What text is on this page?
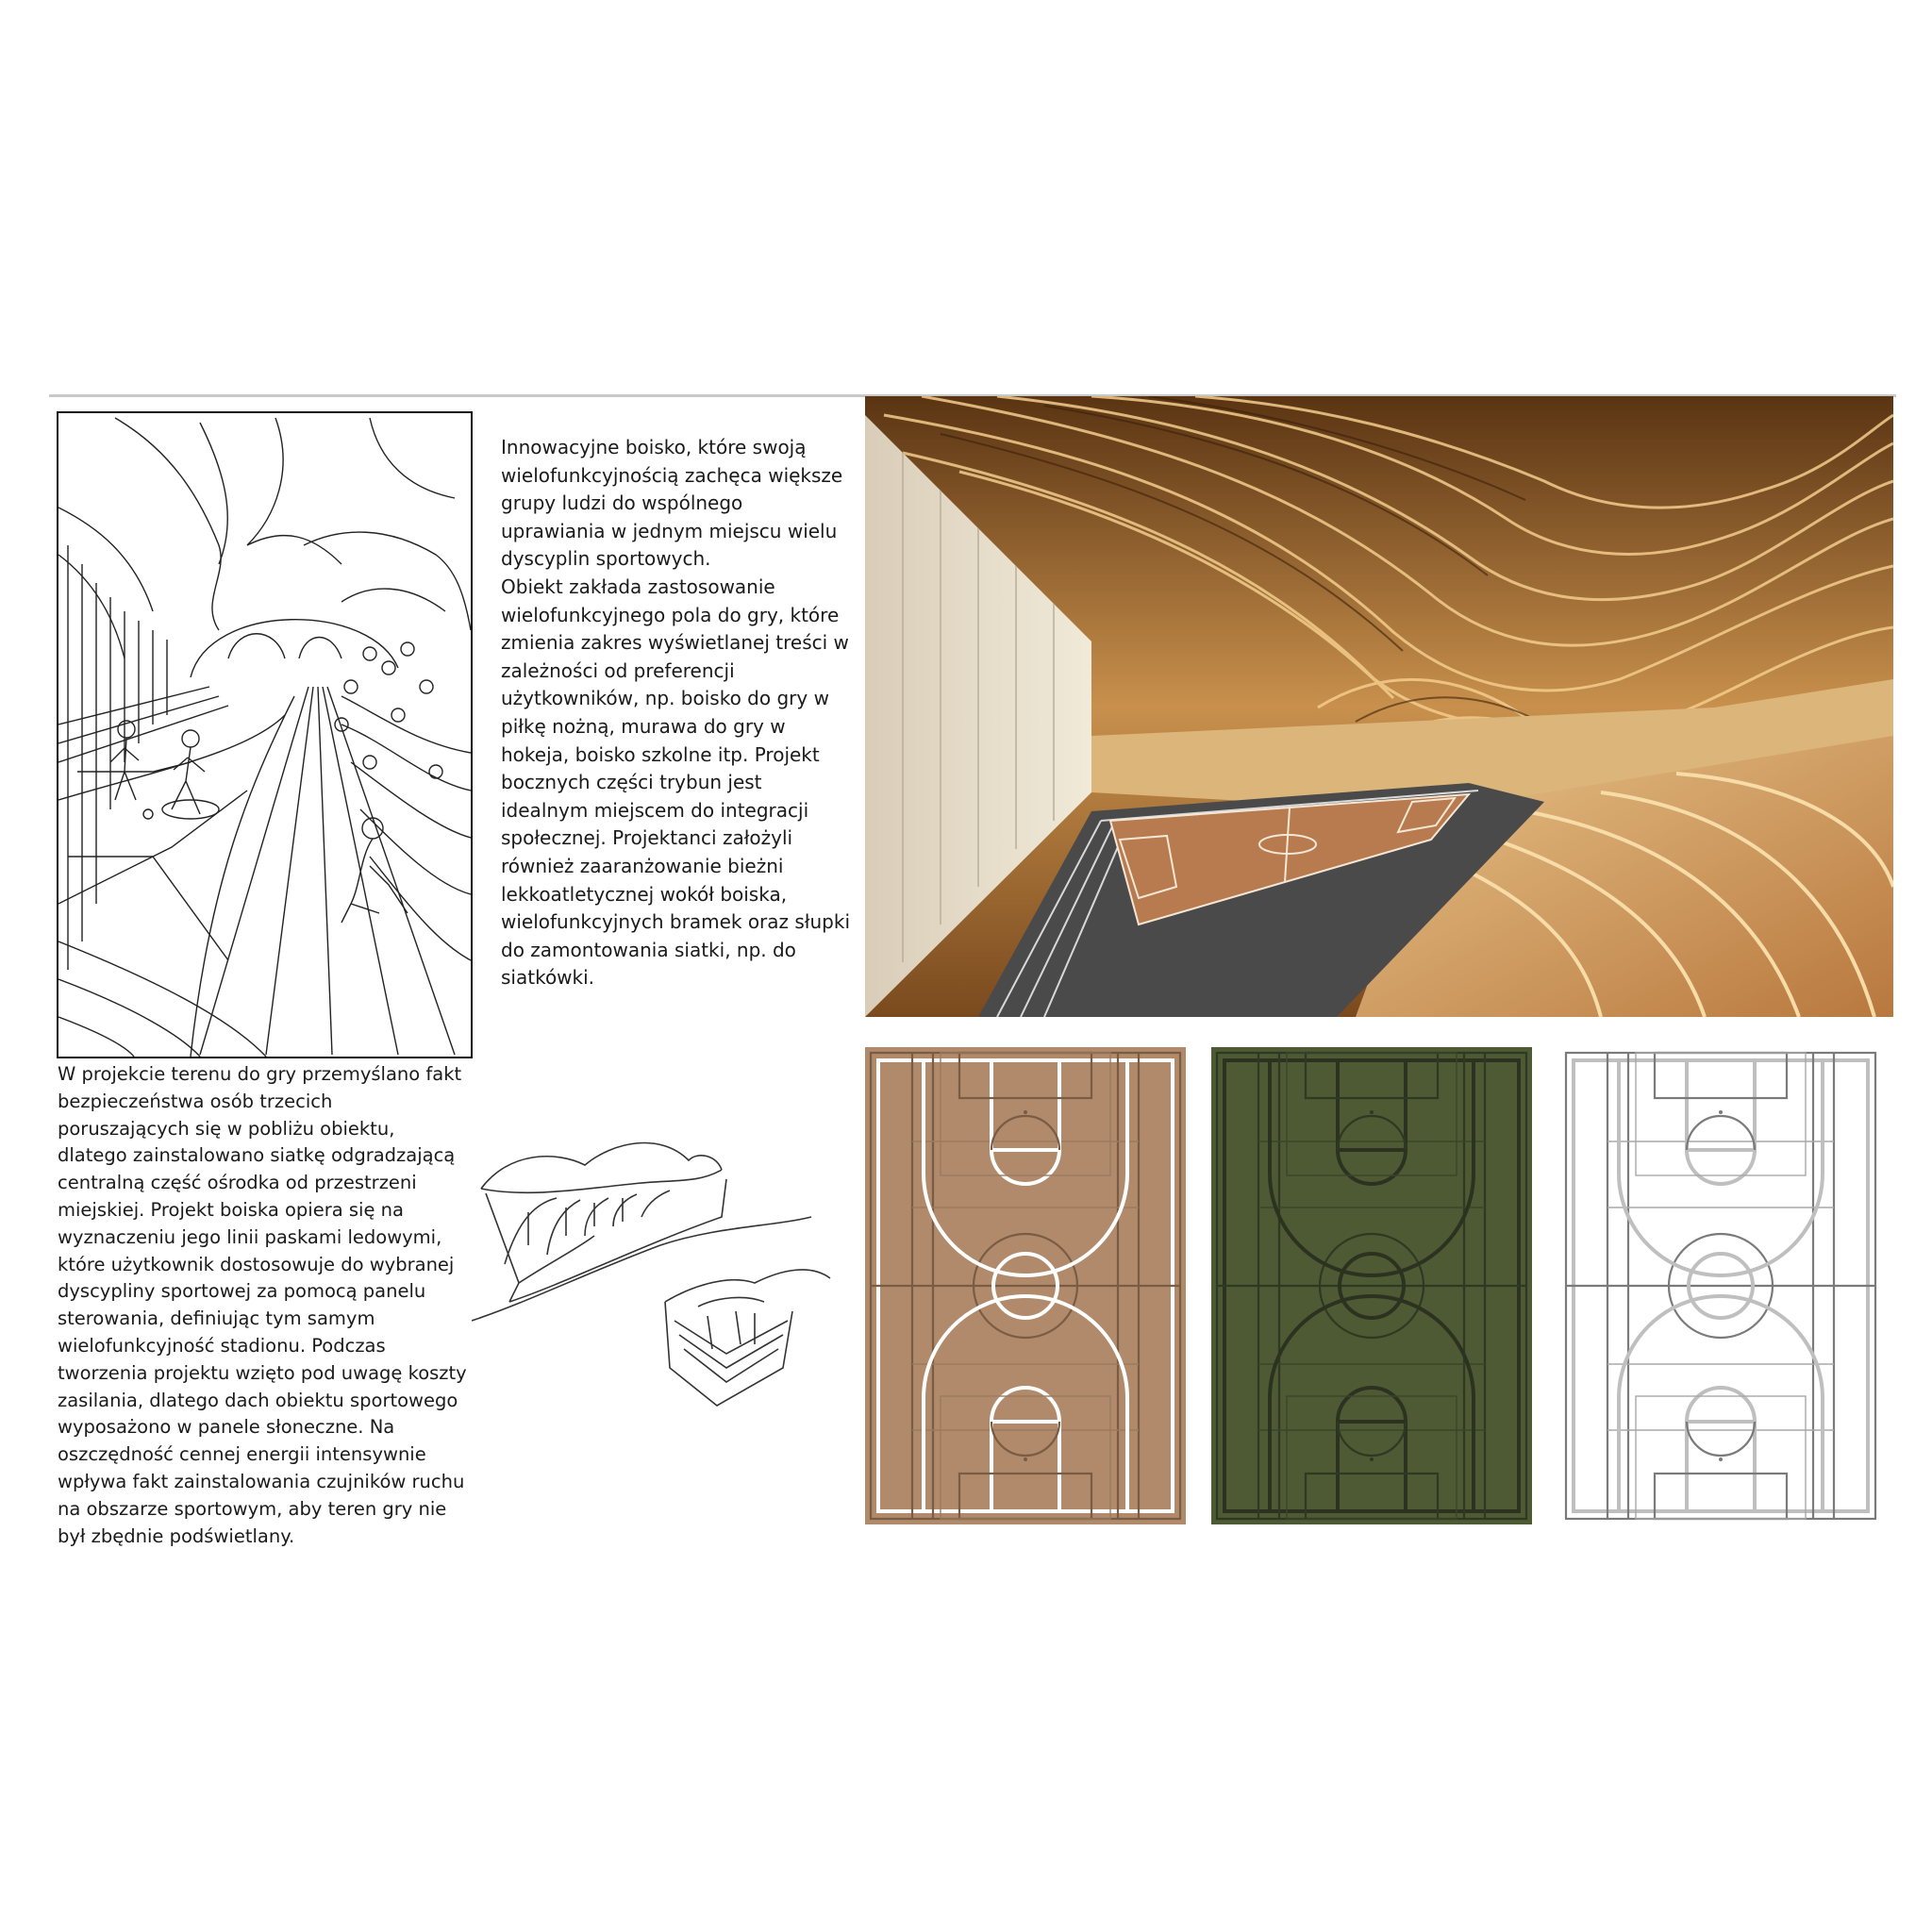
Innowacyjne boisko, które swoją wielofunkcyjnością zachęca większe grupy ludzi do wspólnego uprawiania w jednym miejscu wielu dyscyplin sportowych.
Obiekt zakłada zastosowanie wielofunkcyjnego pola do gry, które zmienia zakres wyświetlanej treści w zależności od preferencji użytkowników, np. boisko do gry w piłkę nożną, murawa do gry w hokeja, boisko szkolne itp. Projekt bocznych części trybun jest idealnym miejscem do integracji społecznej. Projektanci założyli również zaaranżowanie bieżni lekkoatletycznej wokół boiska, wielofunkcyjnych bramek oraz słupki do zamontowania siatki, np. do siatkówki.

W projekcie terenu do gry przemyślano fakt bezpieczeństwa osób trzecich poruszających się w pobliżu obiektu, dlatego zainstalowano siatkę odgradzającą centralną część ośrodka od przestrzeni miejskiej. Projekt boiska opiera się na wyznaczeniu jego linii paskami ledowymi, które użytkownik dostosowuje do wybranej dyscypliny sportowej za pomocą panelu sterowania, definiując tym samym wielofunkcyjność stadionu. Podczas tworzenia projektu wzięto pod uwagę koszty zasilania, dlatego dach obiektu sportowego wyposażono w panele słoneczne. Na oszczędność cennej energii intensywnie wpływa fakt zainstalowania czujników ruchu na obszarze sportowym, aby teren gry nie był zbędnie podświetlany.
